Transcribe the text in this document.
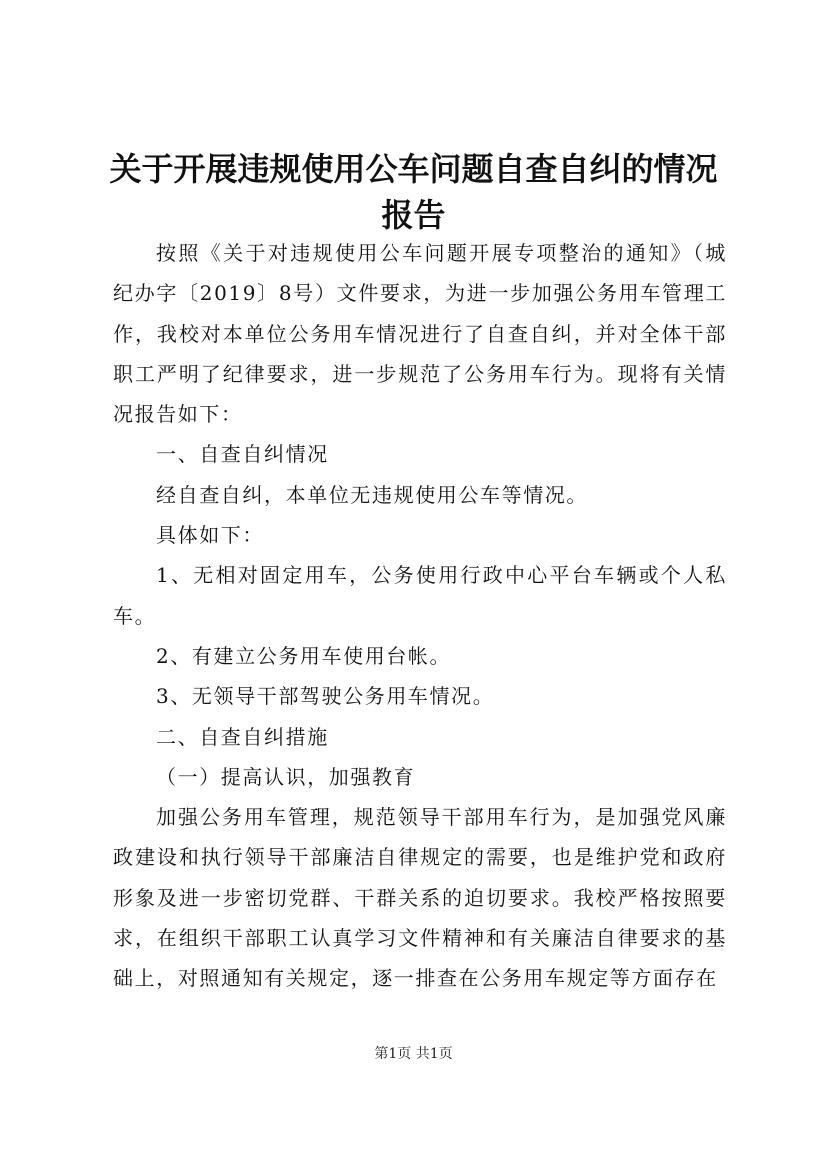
关于开展违规使用公车问题自查自纠的情况报告

按照《关于对违规使用公车问题开展专项整治的通知》（城纪办字〔2019〕8号）文件要求，为进一步加强公务用车管理工作，我校对本单位公务用车情况进行了自查自纠，并对全体干部职工严明了纪律要求，进一步规范了公务用车行为。现将有关情况报告如下：

一、自查自纠情况

经自查自纠，本单位无违规使用公车等情况。

具体如下：

1、无相对固定用车，公务使用行政中心平台车辆或个人私车。

2、有建立公务用车使用台帐。

3、无领导干部驾驶公务用车情况。

二、自查自纠措施

（一）提高认识，加强教育

加强公务用车管理，规范领导干部用车行为，是加强党风廉政建设和执行领导干部廉洁自律规定的需要，也是维护党和政府形象及进一步密切党群、干群关系的迫切要求。我校严格按照要求，在组织干部职工认真学习文件精神和有关廉洁自律要求的基础上，对照通知有关规定，逐一排查在公务用车规定等方面存在

第1页 共1页
